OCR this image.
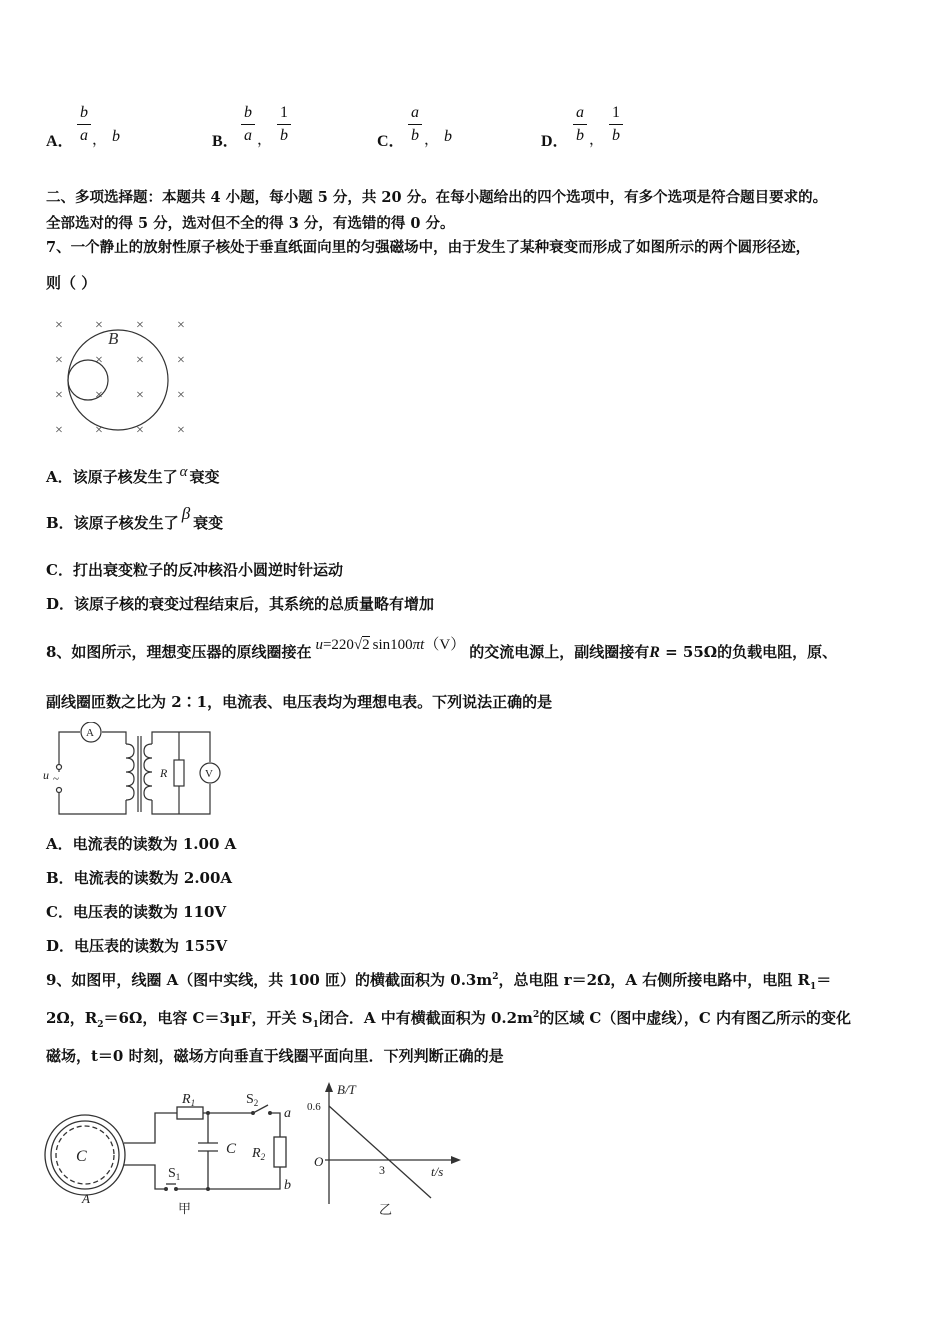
A．
b
a ， b	B．
b
a ，
1
b	C．
a
b ， b	D．
a
b ，
1
b
二、多项选择题：本题共 4 小题，每小题 5 分，共 20 分。在每小题给出的四个选项中，有多个选项是符合题目要求的。
全部选对的得 5 分，选对但不全的得 3 分，有选错的得 0 分。
7、一个静止的放射性原子核处于垂直纸面向里的匀强磁场中，由于发生了某种衰变而形成了如图所示的两个圆形径迹，
则（ ）
× × × ×
× × × ×
× × × ×
× × × ×
B
A．该原子核发生了 α 衰变
B．该原子核发生了 β 衰变
C．打出衰变粒子的反冲核沿小圆逆时针运动
D．该原子核的衰变过程结束后，其系统的总质量略有增加
8、如图所示，理想变压器的原线圈接在 u=220√2 sin100πt（V） 的交流电源上，副线圈接有R = 55Ω的负载电阻，原、
副线圈匝数之比为 2∶1，电流表、电压表均为理想电表。下列说法正确的是
A
V
u ~	R
A．电流表的读数为 1.00 A
B．电流表的读数为 2.00A
C．电压表的读数为 110V
D．电压表的读数为 155V
9、如图甲，线圈 A（图中实线，共 100 匝）的横截面积为 $0.3m^2$，总电阻 r＝2Ω，A 右侧所接电路中，电阻 $R_1=$
2Ω，$R_2=6\Omega$，电容 C＝3μF，开关 $S_1$闭合．A 中有横截面积为 $0.2m^2$的区域 C（图中虚线），C 内有图乙所示的变化
磁场，t＝0 时刻，磁场方向垂直于线圈平面向里．下列判断正确的是
C
A
$R_1$	$S_2$
a
C $R_2$
$S_1$
b
甲
B/T
0.6
O
3	t/s
乙
